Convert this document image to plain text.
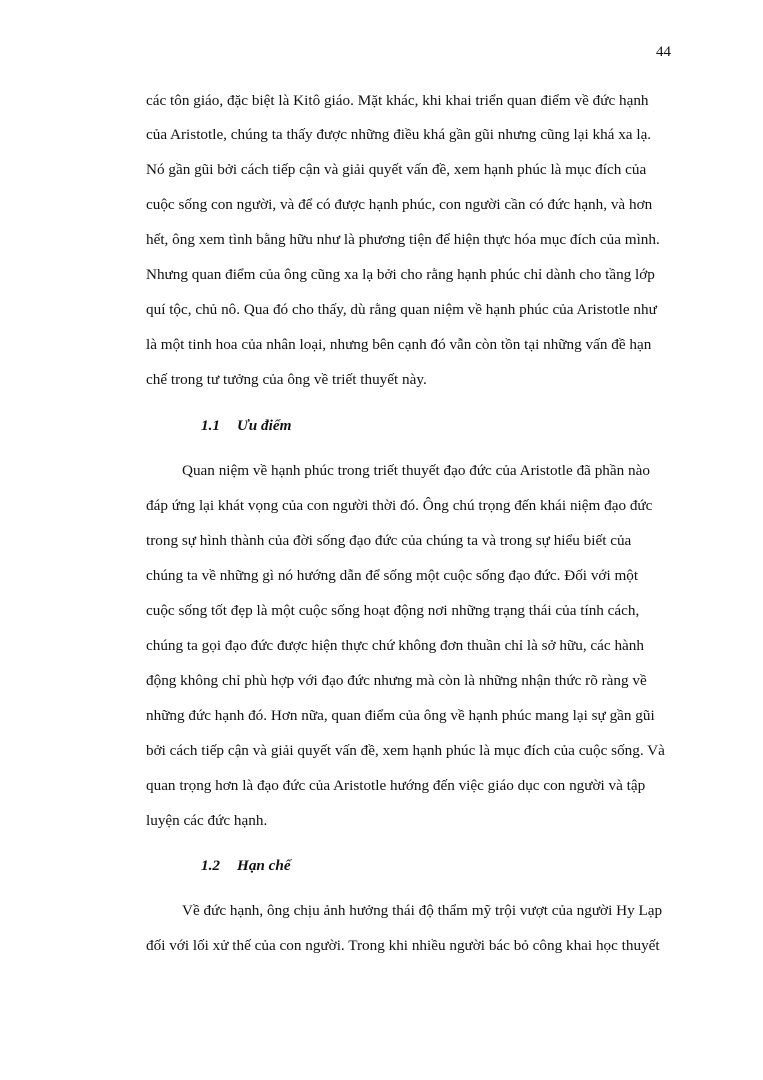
44
các tôn giáo, đặc biệt là Kitô giáo. Mặt khác, khi khai triển quan điểm về đức hạnh
của Aristotle, chúng ta thấy được những điều khá gần gũi nhưng cũng lại khá xa lạ.
Nó gần gũi bởi cách tiếp cận và giải quyết vấn đề, xem hạnh phúc là mục đích của
cuộc sống con người, và để có được hạnh phúc, con người cần có đức hạnh, và hơn
hết, ông xem tình bằng hữu như là phương tiện để hiện thực hóa mục đích của mình.
Nhưng quan điểm của ông cũng xa lạ bởi cho rằng hạnh phúc chỉ dành cho tầng lớp
quí tộc, chủ nô. Qua đó cho thấy, dù rằng quan niệm về hạnh phúc của Aristotle như
là một tinh hoa của nhân loại, nhưng bên cạnh đó vẫn còn tồn tại những vấn đề hạn
chế trong tư tưởng của ông về triết thuyết này.
1.1 Ưu điểm
Quan niệm về hạnh phúc trong triết thuyết đạo đức của Aristotle đã phần nào
đáp ứng lại khát vọng của con người thời đó. Ông chú trọng đến khái niệm đạo đức
trong sự hình thành của đời sống đạo đức của chúng ta và trong sự hiểu biết của
chúng ta về những gì nó hướng dẫn để sống một cuộc sống đạo đức. Đối với một
cuộc sống tốt đẹp là một cuộc sống hoạt động nơi những trạng thái của tính cách,
chúng ta gọi đạo đức được hiện thực chứ không đơn thuần chỉ là sở hữu, các hành
động không chỉ phù hợp với đạo đức nhưng mà còn là những nhận thức rõ ràng về
những đức hạnh đó. Hơn nữa, quan điểm của ông về hạnh phúc mang lại sự gần gũi
bởi cách tiếp cận và giải quyết vấn đề, xem hạnh phúc là mục đích của cuộc sống. Và
quan trọng hơn là đạo đức của Aristotle hướng đến việc giáo dục con người và tập
luyện các đức hạnh.
1.2 Hạn chế
Về đức hạnh, ông chịu ảnh hưởng thái độ thẩm mỹ trội vượt của người Hy Lạp
đối với lối xử thế của con người. Trong khi nhiều người bác bỏ công khai học thuyết
